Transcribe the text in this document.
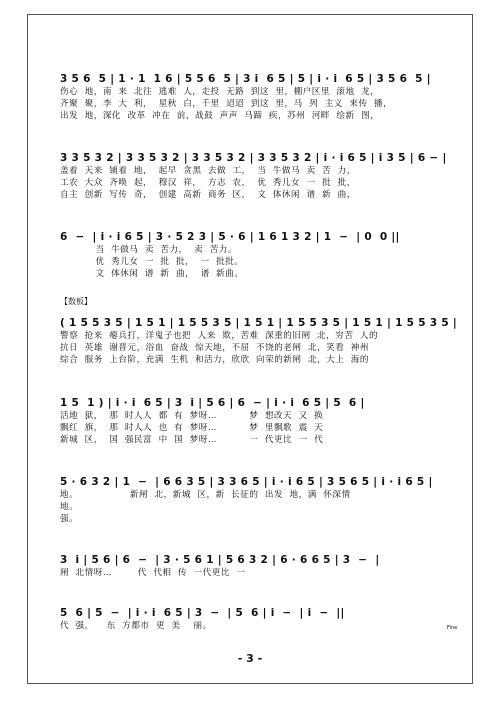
3 5 6  5 | 1 · 1  1 6 | 5 5 6  5 | 3 i  6 5 | 5 | i · i  6 5 | 3 5 6  5 |
伤心  地，南  来  北往  逃难  人，走投  无路  到这  里，棚户区里  滚地  龙，
齐聚  聚，李  大  利，  星秋  白，千里  迢迢  到这  里，马  列  主义  来传  播，
出发  地，深化  改革  冲在  前，战鼓  声声  马蹄  疾，苏州  河畔  绘新  图，
3 3 5 3 2 | 3 3 5 3 2 | 3 3 5 3 2 | 3 3 5 3 2 | i · i 6 5 | i 3 5 | 6 − |
盖着  天来  铺着  地，  起早  贪黑  去做  工，  当  牛做马  卖  苦  力，
工农  大众  齐唤  起，  穆汉  祥，  方志  农，  优  秀儿女  一  批  批，
自主  创新  写传  奇，  创建  高新  商务  区，  文  体休闲  谱  新  曲，
6  −  | i · i 6 5 | 3 · 5 2 3 | 5 · 6 | 1 6 1 3 2 | 1  −  | 0  0 ||
当  牛做马  卖  苦力，  卖  苦力。
优  秀儿女  一  批  批，  一  批批。
文  体休闲  谱  新  曲，  谱  新曲。
【数板】
( 1 5 5 3 5 | 1 5 1 | 1 5 5 3 5 | 1 5 1 | 1 5 5 3 5 | 1 5 1 | 1 5 5 3 5 |
警察  抢来  瘪兵打，洋鬼子也把  人来  欺，苦难  深重的旧闸  北，穷苦  人的
抗日  英雄  谢晋元，浴血  奋战  惊天地，不屈  不饶的老闸  北，笑看  神州
综合  服务  上台阶，充满  生机  和活力，欣欣  向荣的新闸  北，大上  海的
1 5  1 ) | i · i  6 5 | 3  i | 5 6 | 6  − | i · i  6 5 | 5  6 |
活地  狱，  那  时人人  都  有  梦呀…          梦  想改天  又  换
飘红  旗，  那  时人人  也  有  梦呀…          梦  里飘歌  震  天
新城  区，  国  强民富  中  国  梦呀…          一  代更比  一  代
5 · 6 3 2 | 1  −  | 6 6 3 5 | 3 3 6 5 | i · i 6 5 | 3 5 6 5 | i · i 6 5 |
地。                新闸  北，新城  区，新  长征的  出发  地，满  怀深情
地。
强。
3  i | 5 6 | 6  −  | 3 · 5 6 1 | 5 6 3 2 | 6 · 6 6 5 | 3  −  |
闸  北情呀…        代  代相  传  一代更比  一
5  6 | 5  −  | i · i  6 5 | 3  −  | 5  6 | i  −  | i  −  ||
代  强，    东  方都市  更  美    丽。	Fine
- 3 -
